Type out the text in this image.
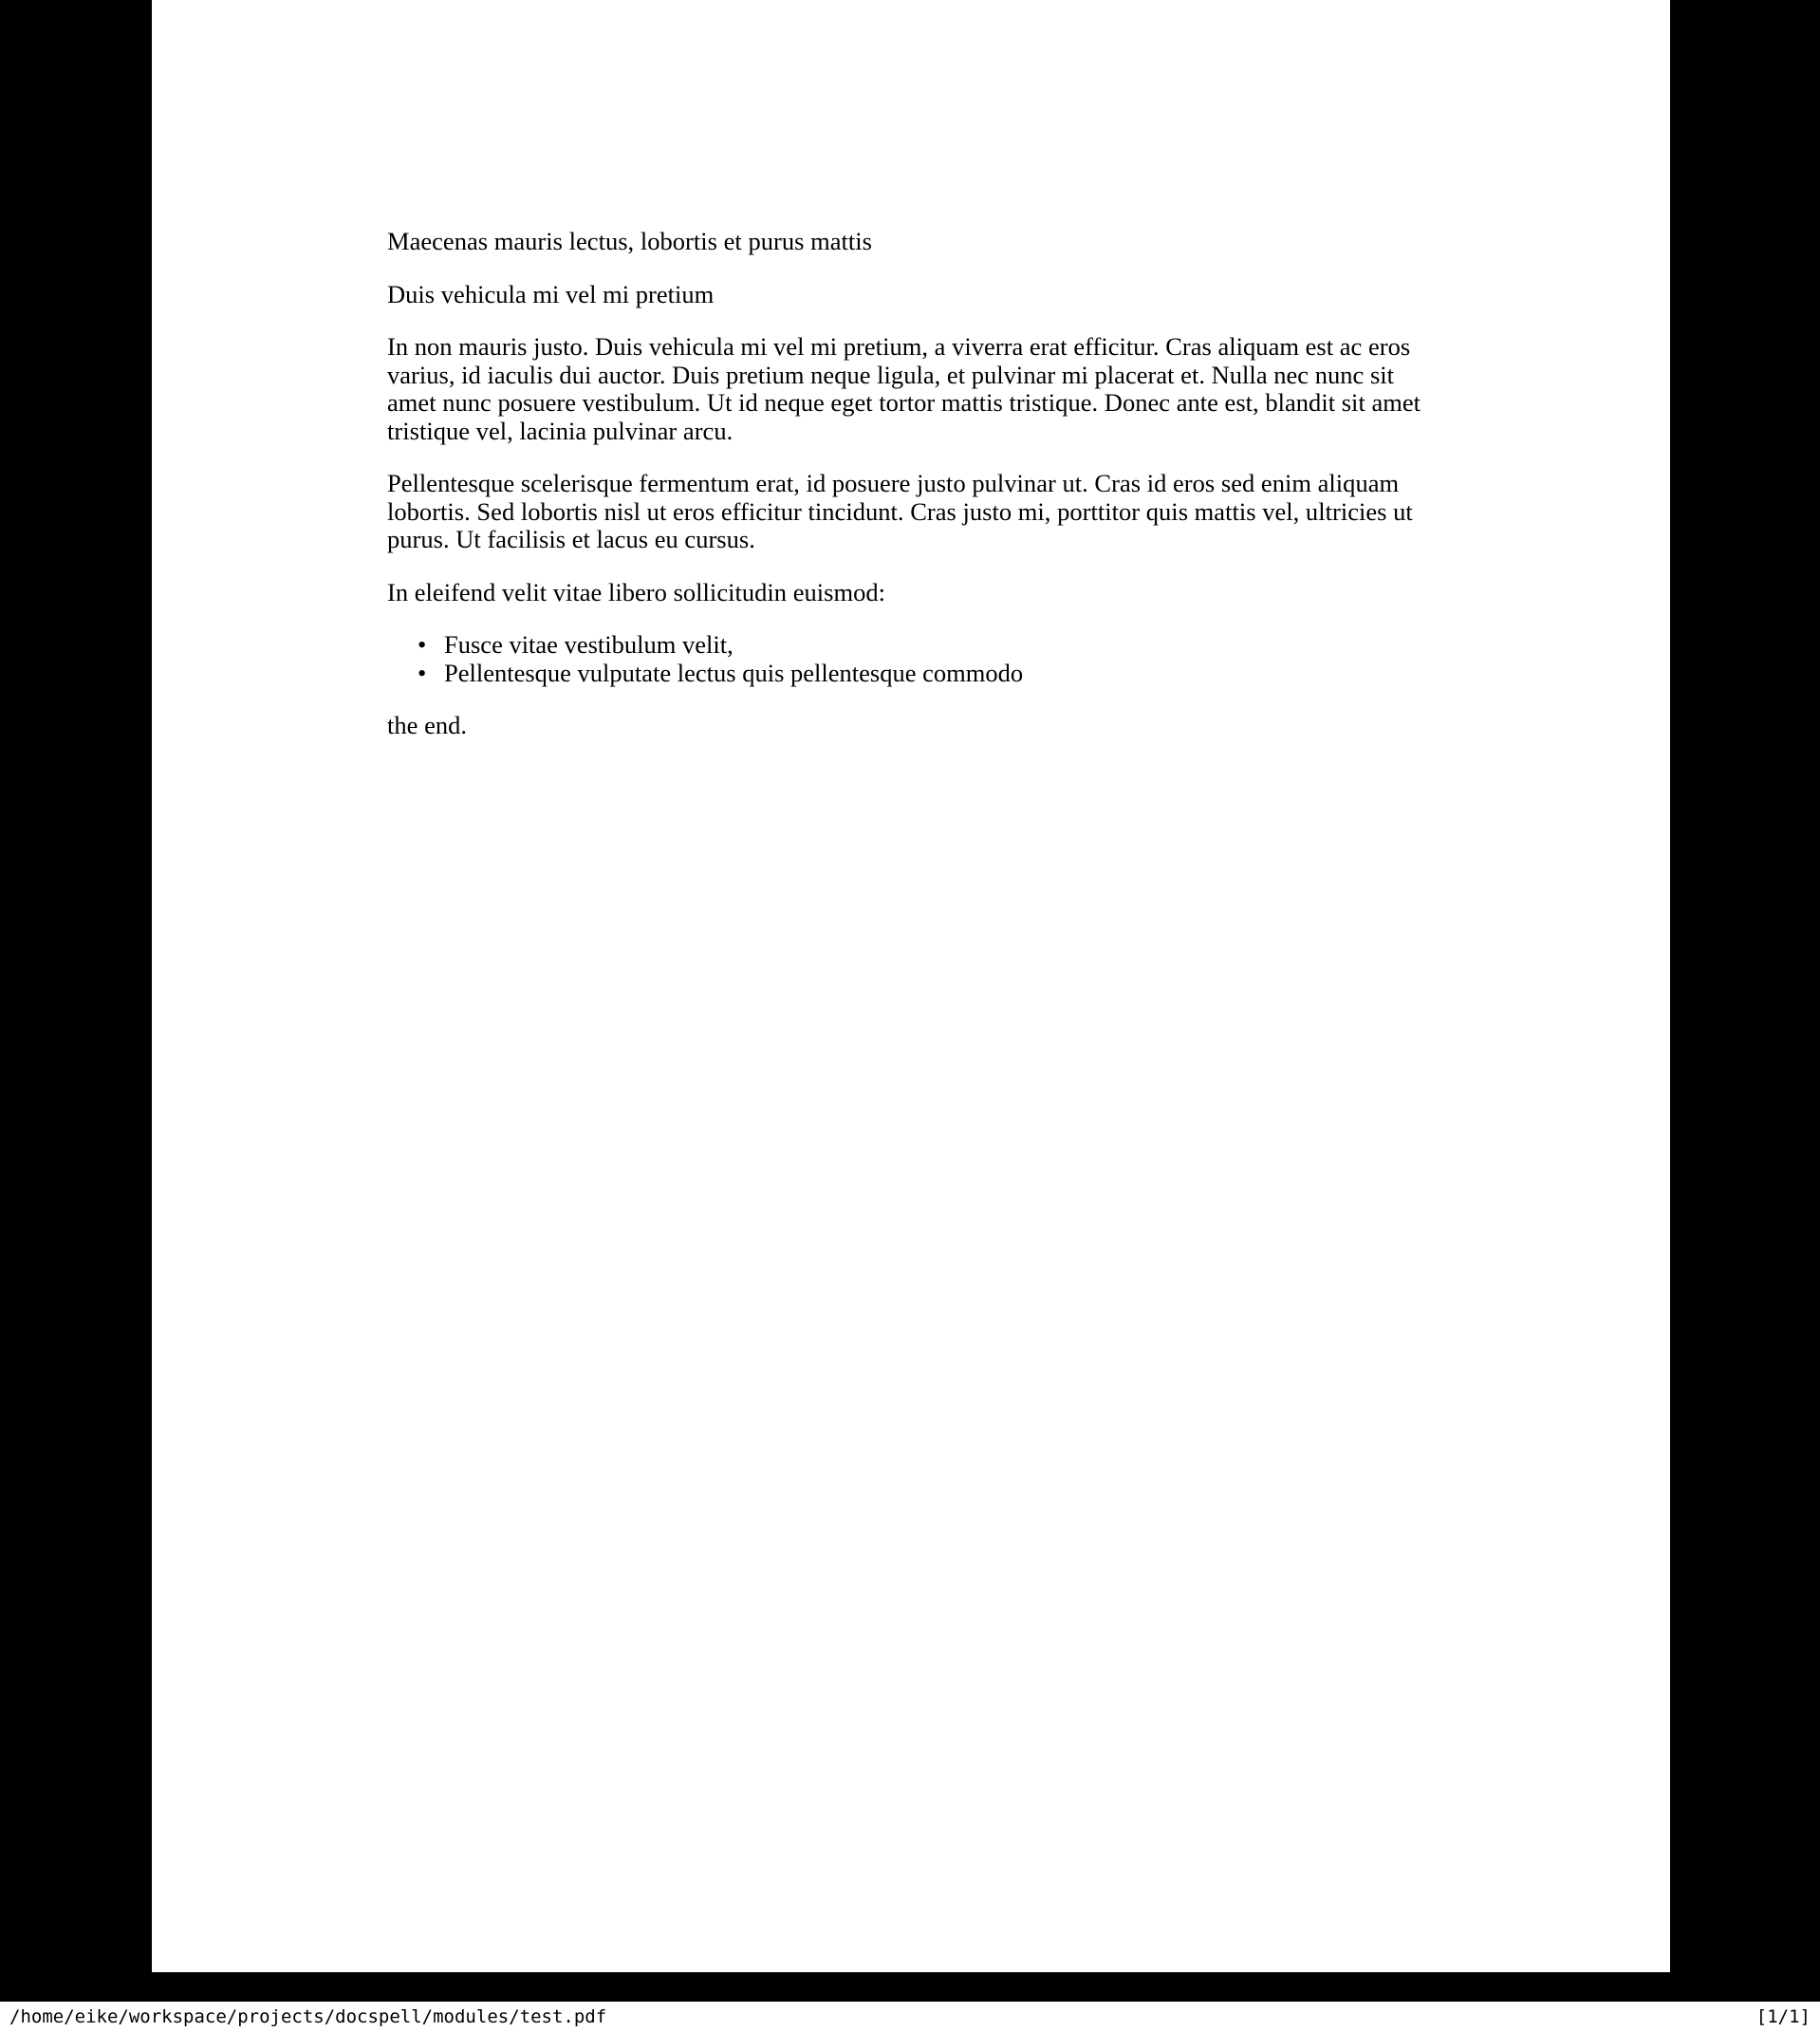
Maecenas mauris lectus, lobortis et purus mattis

Duis vehicula mi vel mi pretium

In non mauris justo. Duis vehicula mi vel mi pretium, a viverra erat efficitur. Cras aliquam est ac eros varius, id iaculis dui auctor. Duis pretium neque ligula, et pulvinar mi placerat et. Nulla nec nunc sit amet nunc posuere vestibulum. Ut id neque eget tortor mattis tristique. Donec ante est, blandit sit amet tristique vel, lacinia pulvinar arcu.

Pellentesque scelerisque fermentum erat, id posuere justo pulvinar ut. Cras id eros sed enim aliquam lobortis. Sed lobortis nisl ut eros efficitur tincidunt. Cras justo mi, porttitor quis mattis vel, ultricies ut purus. Ut facilisis et lacus eu cursus.

In eleifend velit vitae libero sollicitudin euismod:

• Fusce vitae vestibulum velit,
• Pellentesque vulputate lectus quis pellentesque commodo

the end.

/home/eike/workspace/projects/docspell/modules/test.pdf	[1/1]
